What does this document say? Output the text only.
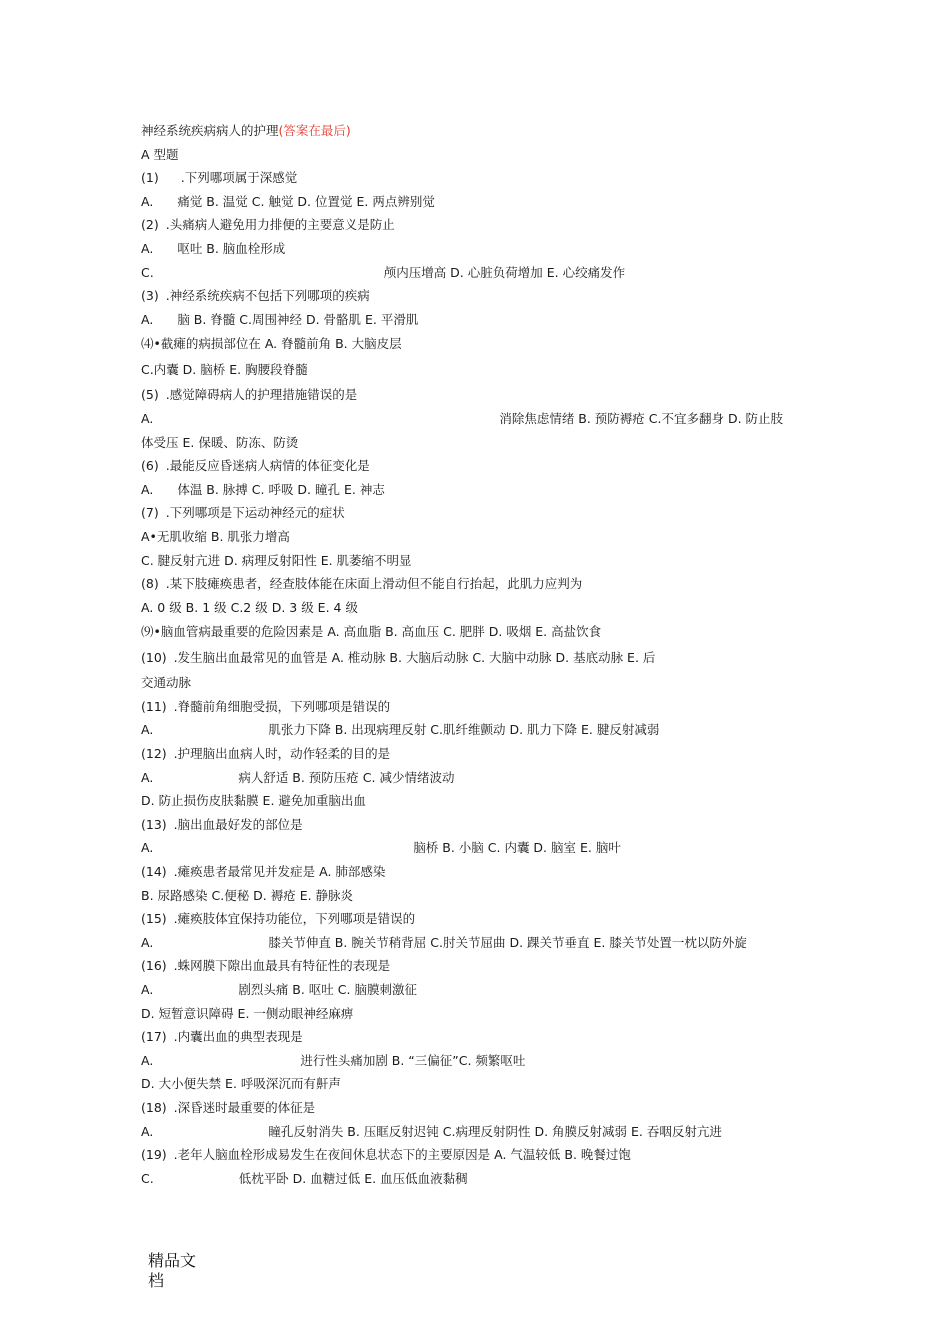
神经系统疾病病人的护理(答案在最后)
A 型题
(1) .下列哪项属于深感觉
A. 痛觉 B. 温觉 C. 触觉 D. 位置觉 E. 两点辨别觉
(2) .头痛病人避免用力排便的主要意义是防止
A. 呕吐 B. 脑血栓形成
C.	颅内压增高 D. 心脏负荷增加 E. 心绞痛发作
(3) .神经系统疾病不包括下列哪项的疾病
A. 脑 B. 脊髓 C.周围神经 D. 骨骼肌 E. 平滑肌
⑷•截瘫的病损部位在 A. 脊髓前角 B. 大脑皮层
C.内囊 D. 脑桥 E. 胸腰段脊髓
(5) .感觉障碍病人的护理措施错误的是
A.	消除焦虑情绪 B. 预防褥疮 C.不宜多翻身 D. 防止肢
体受压 E. 保暖、防冻、防烫
(6) .最能反应昏迷病人病情的体征变化是
A. 体温 B. 脉搏 C. 呼吸 D. 瞳孔 E. 神志
(7) .下列哪项是下运动神经元的症状
A•无肌收缩 B. 肌张力增高
C. 腱反射亢进 D. 病理反射阳性 E. 肌萎缩不明显
(8) .某下肢瘫痪患者，经查肢体能在床面上滑动但不能自行抬起，此肌力应判为
A. 0 级 B. 1 级 C.2 级 D. 3 级 E. 4 级
⑼•脑血管病最重要的危险因素是 A. 高血脂 B. 高血压 C. 肥胖 D. 吸烟 E. 高盐饮食
(10) .发生脑出血最常见的血管是 A. 椎动脉 B. 大脑后动脉 C. 大脑中动脉 D. 基底动脉 E. 后
交通动脉
(11) .脊髓前角细胞受损，下列哪项是错误的
A.	肌张力下降 B. 出现病理反射 C.肌纤维颤动 D. 肌力下降 E. 腱反射减弱
(12) .护理脑出血病人时，动作轻柔的目的是
A.	病人舒适 B. 预防压疮 C. 减少情绪波动
D. 防止损伤皮肤黏膜 E. 避免加重脑出血
(13) .脑出血最好发的部位是
A.	脑桥 B. 小脑 C. 内囊 D. 脑室 E. 脑叶
(14) .瘫痪患者最常见并发症是 A. 肺部感染
B. 尿路感染 C.便秘 D. 褥疮 E. 静脉炎
(15) .瘫痪肢体宜保持功能位，下列哪项是错误的
A.	膝关节伸直 B. 腕关节稍背屈 C.肘关节屈曲 D. 踝关节垂直 E. 膝关节处置一枕以防外旋
(16) .蛛网膜下隙出血最具有特征性的表现是
A.	剧烈头痛 B. 呕吐 C. 脑膜刺激征
D. 短暂意识障碍 E. 一侧动眼神经麻痹
(17) .内囊出血的典型表现是
A.	进行性头痛加剧 B. “三偏征”C. 频繁呕吐
D. 大小便失禁 E. 呼吸深沉而有鼾声
(18) .深昏迷时最重要的体征是
A.	瞳孔反射消失 B. 压眶反射迟钝 C.病理反射阴性 D. 角膜反射减弱 E. 吞咽反射亢进
(19) .老年人脑血栓形成易发生在夜间休息状态下的主要原因是 A. 气温较低 B. 晚餐过饱
C.	低枕平卧 D. 血糖过低 E. 血压低血液黏稠
精品文档
